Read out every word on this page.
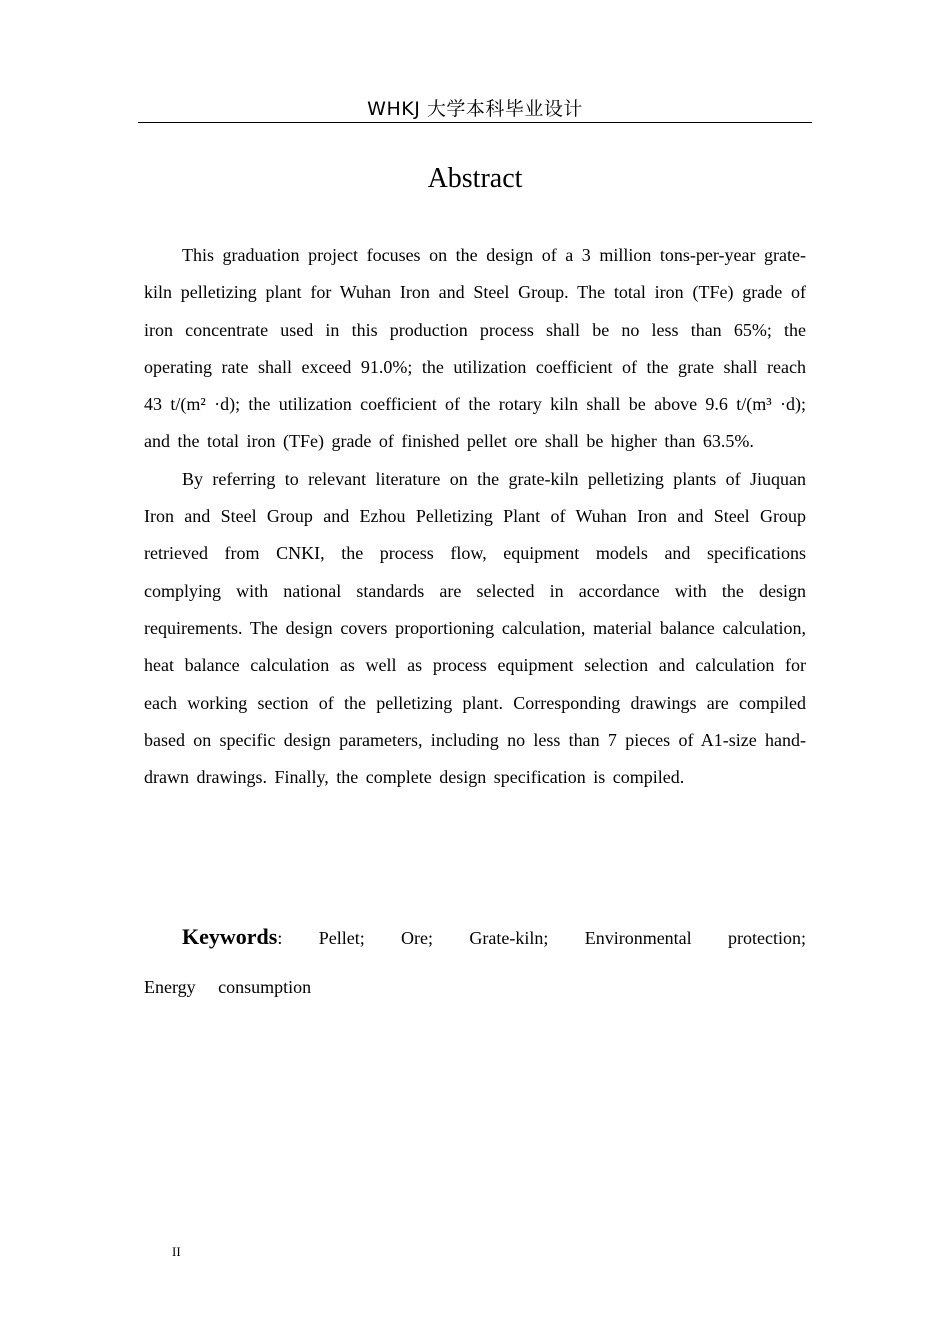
WHKJ 大学本科毕业设计
Abstract

This graduation project focuses on the design of a 3 million tons-per-year grate-kiln pelletizing plant for Wuhan Iron and Steel Group. The total iron (TFe) grade of iron concentrate used in this production process shall be no less than 65%; the operating rate shall exceed 91.0%; the utilization coefficient of the grate shall reach 43 t/(m² ·d); the utilization coefficient of the rotary kiln shall be above 9.6 t/(m³ ·d); and the total iron (TFe) grade of finished pellet ore shall be higher than 63.5%.

By referring to relevant literature on the grate-kiln pelletizing plants of Jiuquan Iron and Steel Group and Ezhou Pelletizing Plant of Wuhan Iron and Steel Group retrieved from CNKI, the process flow, equipment models and specifications complying with national standards are selected in accordance with the design requirements. The design covers proportioning calculation, material balance calculation, heat balance calculation as well as process equipment selection and calculation for each working section of the pelletizing plant. Corresponding drawings are compiled based on specific design parameters, including no less than 7 pieces of A1-size hand-drawn drawings. Finally, the complete design specification is compiled.

Keywords: Pellet; Ore; Grate-kiln; Environmental protection; Energy consumption
II
